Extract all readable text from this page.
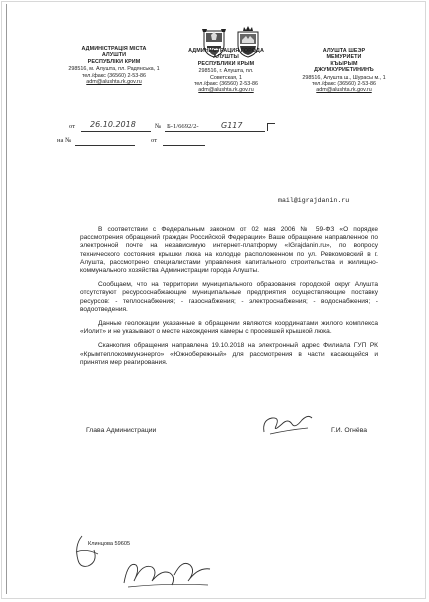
АДМИНІСТРАЦІЯ МІСТА
АЛУШТИ
РЕСПУБЛІКИ КРИМ
298516, м. Алушта, пл. Радянська, 1
тел./факс (36560) 2-53-86
adm@alushta.rk.gov.ru
АДМИНИСТРАЦИЯ ГОРОДА
АЛУШТЫ
РЕСПУБЛИКИ КРЫМ
298516, г. Алушта, пл. Советская, 1
тел./факс (36560) 2-53-86
adm@alushta.rk.gov.ru
АЛУШТА ШЕЭР
МЕМУРИЕТИ
КЪЫРЫМ ДЖУМХУРИЕТИНИНЪ
298516, Алушта ш., Шурасы м., 1
тел./факс (36560) 2-53-86
adm@alushta.rk.gov.ru
от 26.10.2018	№ Б-1/6692/2-	G117
на №	от
mail@igrajdanin.ru

В соответствии с Федеральным законом от 02 мая 2006 № 59-ФЗ «О порядке рассмотрения обращений граждан Российской Федерации» Ваше обращение направленное по электронной почте на независимую интернет-платформу «IGrajdanin.ru», по вопросу технического состояния крышки люка на колодце расположенном по ул. Ревкомовский в г. Алушта, рассмотрено специалистами управления капитального строительства и жилищно-коммунального хозяйства Администрации города Алушты.

Сообщаем, что на территории муниципального образования городской округ Алушта отсутствуют ресурсоснабжающие муниципальные предприятия осуществляющие поставку ресурсов: - теплоснабжения; - газоснабжения; - электроснабжения; - водоснабжения; - водоотведения.

Данные геолокации указанные в обращении являются координатами жилого комплекса «Иолит» и не указывают о месте нахождения камеры с просевшей крышкой люка.

Сканкопия обращения направлена 19.10.2018 на электронный адрес Филиала ГУП РК «Крымтеплокоммунэнерго» «Южнобережный» для рассмотрения в части касающейся и принятия мер реагирования.

Глава Администрации	Г.И. Огнёва
Клинцова 59605
